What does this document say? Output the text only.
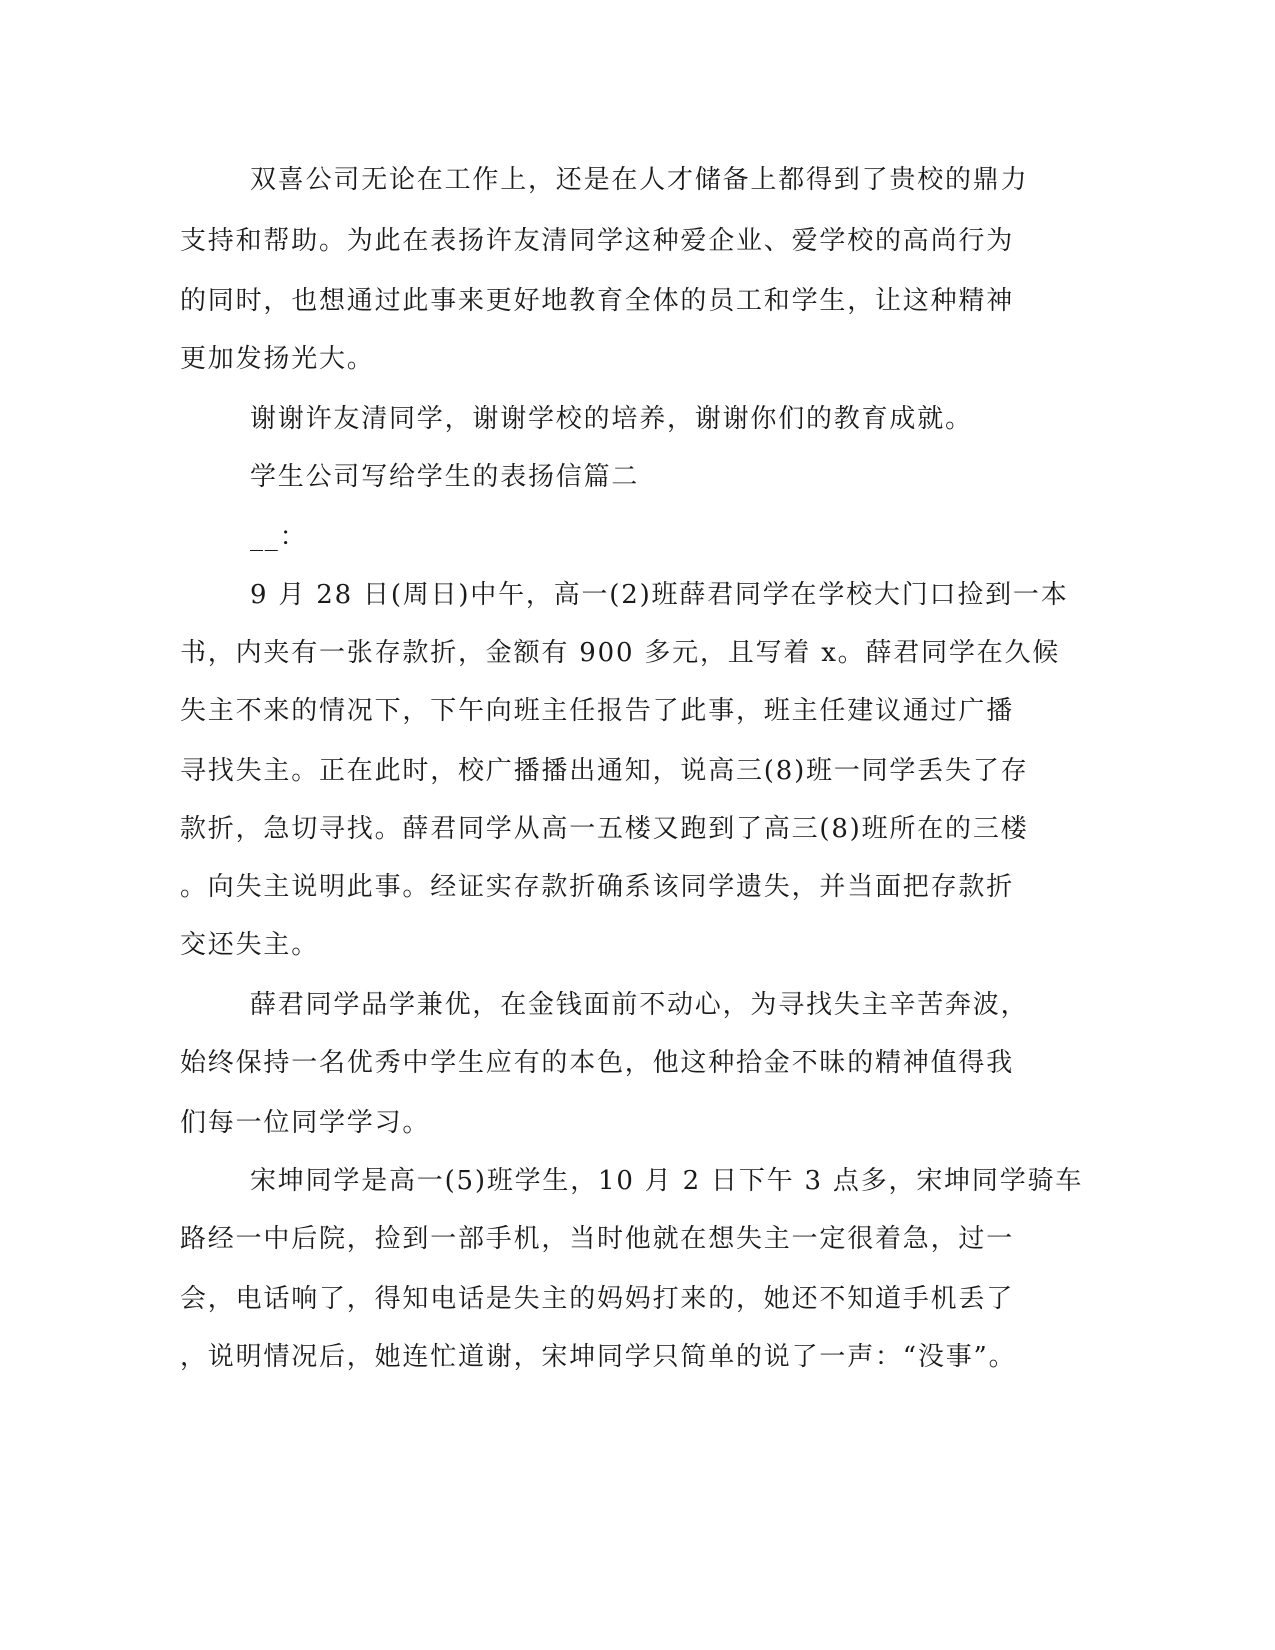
双喜公司无论在工作上，还是在人才储备上都得到了贵校的鼎力
支持和帮助。为此在表扬许友清同学这种爱企业、爱学校的高尚行为
的同时，也想通过此事来更好地教育全体的员工和学生，让这种精神
更加发扬光大。
谢谢许友清同学，谢谢学校的培养，谢谢你们的教育成就。
学生公司写给学生的表扬信篇二
__：
9 月 28 日(周日)中午，高一(2)班薛君同学在学校大门口捡到一本
书，内夹有一张存款折，金额有 900 多元，且写着 x。薛君同学在久候
失主不来的情况下，下午向班主任报告了此事，班主任建议通过广播
寻找失主。正在此时，校广播播出通知，说高三(8)班一同学丢失了存
款折，急切寻找。薛君同学从高一五楼又跑到了高三(8)班所在的三楼
。向失主说明此事。经证实存款折确系该同学遗失，并当面把存款折
交还失主。
薛君同学品学兼优，在金钱面前不动心，为寻找失主辛苦奔波，
始终保持一名优秀中学生应有的本色，他这种拾金不昧的精神值得我
们每一位同学学习。
宋坤同学是高一(5)班学生，10 月 2 日下午 3 点多，宋坤同学骑车
路经一中后院，捡到一部手机，当时他就在想失主一定很着急，过一
会，电话响了，得知电话是失主的妈妈打来的，她还不知道手机丢了
，说明情况后，她连忙道谢，宋坤同学只简单的说了一声：“没事”。
